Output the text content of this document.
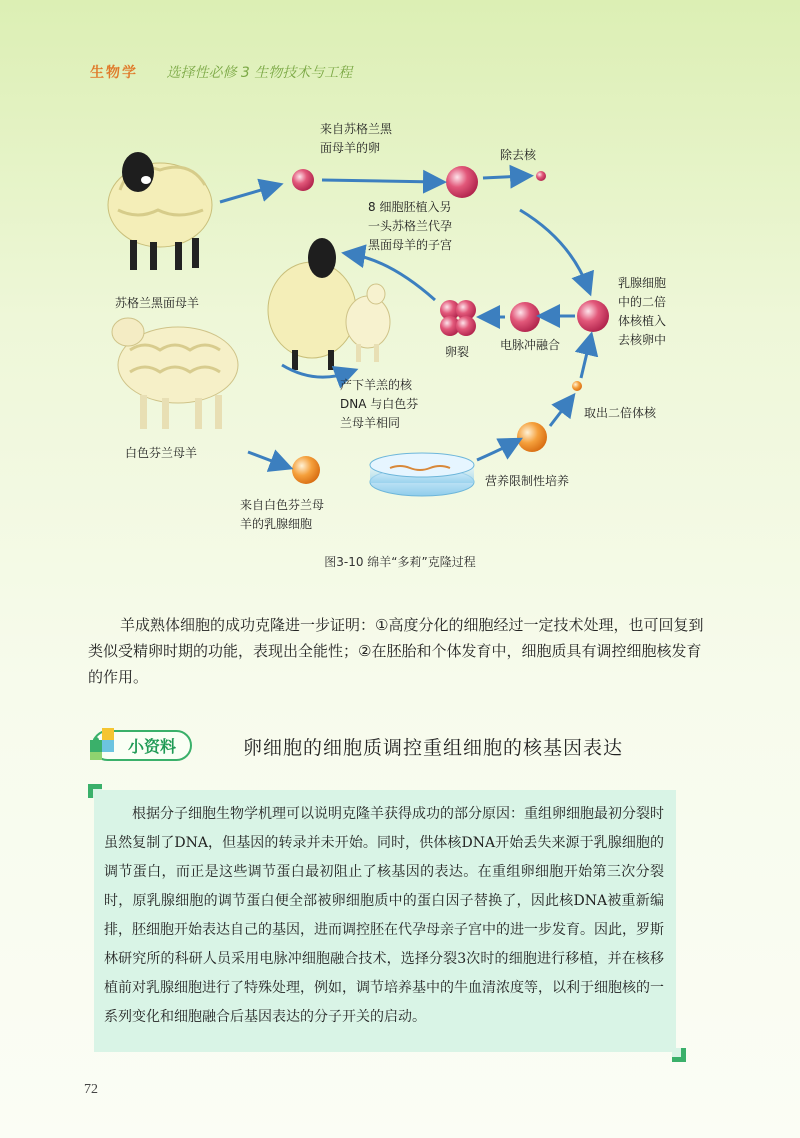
生物学 选择性必修 3 生物技术与工程
苏格兰黑面母羊
白色芬兰母羊
来自苏格兰黑
面母羊的卵	除去核
8 细胞胚植入另
一头苏格兰代孕
黑面母羊的子宫
乳腺细胞
中的二倍
体核植入
去核卵中
卵裂	电脉冲融合
产下羊羔的核
DNA 与白色芬
兰母羊相同
取出二倍体核
营养限制性培养
来自白色芬兰母
羊的乳腺细胞
图3-10 绵羊“多莉”克隆过程
羊成熟体细胞的成功克隆进一步证明：①高度分化的细胞经过一定技术处理，也可回复到类似受精卵时期的功能，表现出全能性；②在胚胎和个体发育中，细胞质具有调控细胞核发育的作用。
小资料	卵细胞的细胞质调控重组细胞的核基因表达
根据分子细胞生物学机理可以说明克隆羊获得成功的部分原因：重组卵细胞最初分裂时虽然复制了DNA，但基因的转录并未开始。同时，供体核DNA开始丢失来源于乳腺细胞的调节蛋白，而正是这些调节蛋白最初阻止了核基因的表达。在重组卵细胞开始第三次分裂时，原乳腺细胞的调节蛋白便全部被卵细胞质中的蛋白因子替换了，因此核DNA被重新编排，胚细胞开始表达自己的基因，进而调控胚在代孕母亲子宫中的进一步发育。因此，罗斯林研究所的科研人员采用电脉冲细胞融合技术，选择分裂3次时的细胞进行移植，并在核移植前对乳腺细胞进行了特殊处理，例如，调节培养基中的牛血清浓度等，以利于细胞核的一系列变化和细胞融合后基因表达的分子开关的启动。
72
